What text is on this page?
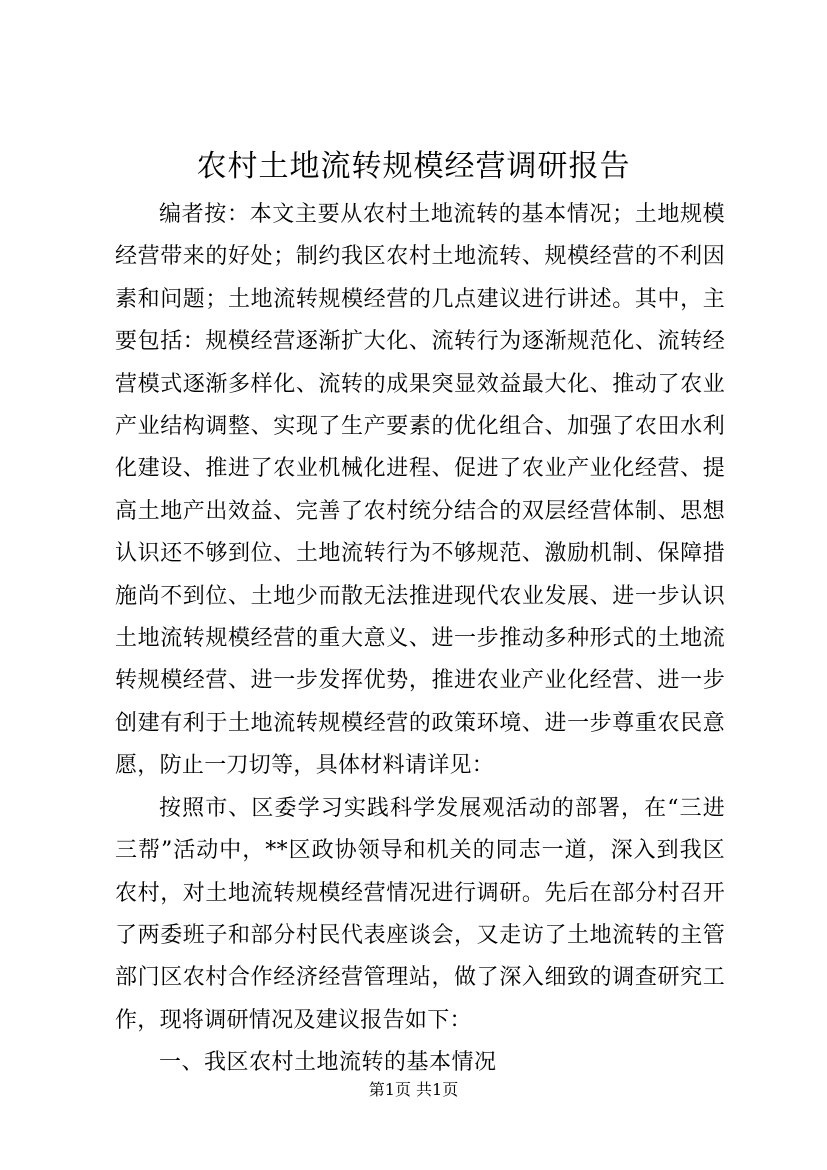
农村土地流转规模经营调研报告

编者按：本文主要从农村土地流转的基本情况；土地规模经营带来的好处；制约我区农村土地流转、规模经营的不利因素和问题；土地流转规模经营的几点建议进行讲述。其中，主要包括：规模经营逐渐扩大化、流转行为逐渐规范化、流转经营模式逐渐多样化、流转的成果突显效益最大化、推动了农业产业结构调整、实现了生产要素的优化组合、加强了农田水利化建设、推进了农业机械化进程、促进了农业产业化经营、提高土地产出效益、完善了农村统分结合的双层经营体制、思想认识还不够到位、土地流转行为不够规范、激励机制、保障措施尚不到位、土地少而散无法推进现代农业发展、进一步认识土地流转规模经营的重大意义、进一步推动多种形式的土地流转规模经营、进一步发挥优势，推进农业产业化经营、进一步创建有利于土地流转规模经营的政策环境、进一步尊重农民意愿，防止一刀切等，具体材料请详见：

按照市、区委学习实践科学发展观活动的部署，在“三进三帮”活动中，**区政协领导和机关的同志一道，深入到我区农村，对土地流转规模经营情况进行调研。先后在部分村召开了两委班子和部分村民代表座谈会，又走访了土地流转的主管部门区农村合作经济经营管理站，做了深入细致的调查研究工作，现将调研情况及建议报告如下：

一、我区农村土地流转的基本情况

第1页 共1页
